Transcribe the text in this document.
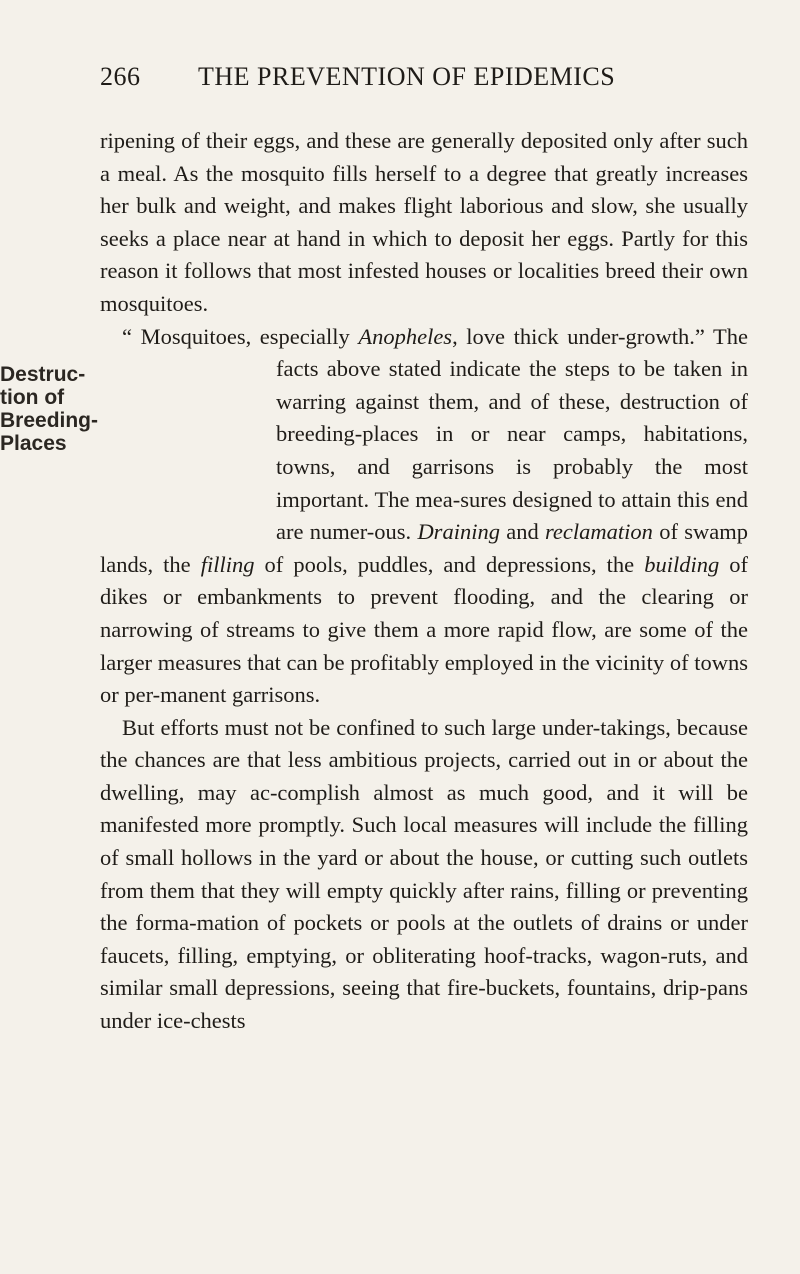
266 THE PREVENTION OF EPIDEMICS
Destruc-
tion of
Breeding-
Places

ripening of their eggs, and these are generally deposited only after such a meal. As the mosquito fills herself to a degree that greatly increases her bulk and weight, and makes flight laborious and slow, she usually seeks a place near at hand in which to deposit her eggs. Partly for this reason it follows that most infested houses or localities breed their own mosquitoes.

“ Mosquitoes, especially Anopheles, love thick under-growth.” The facts above stated indicate the steps to be
taken in warring against them, and of these, destruction of breeding-places in or near camps, habitations, towns, and garrisons is probably the most important. The mea-sures designed to attain this end are numer-ous. Draining and reclamation of swamp lands, the filling of pools, puddles, and depressions, the building of dikes or embankments to prevent flooding, and the clearing or narrowing of streams to give them a more rapid flow, are some of the larger measures that can be profitably employed in the vicinity of towns or per-manent garrisons.

But efforts must not be confined to such large under-takings, because the chances are that less ambitious projects, carried out in or about the dwelling, may ac-complish almost as much good, and it will be manifested more promptly. Such local measures will include the filling of small hollows in the yard or about the house, or cutting such outlets from them that they will empty quickly after rains, filling or preventing the forma-mation of pockets or pools at the outlets of drains or under faucets, filling, emptying, or obliterating hoof-tracks, wagon-ruts, and similar small depressions, seeing that fire-buckets, fountains, drip-pans under ice-chests
